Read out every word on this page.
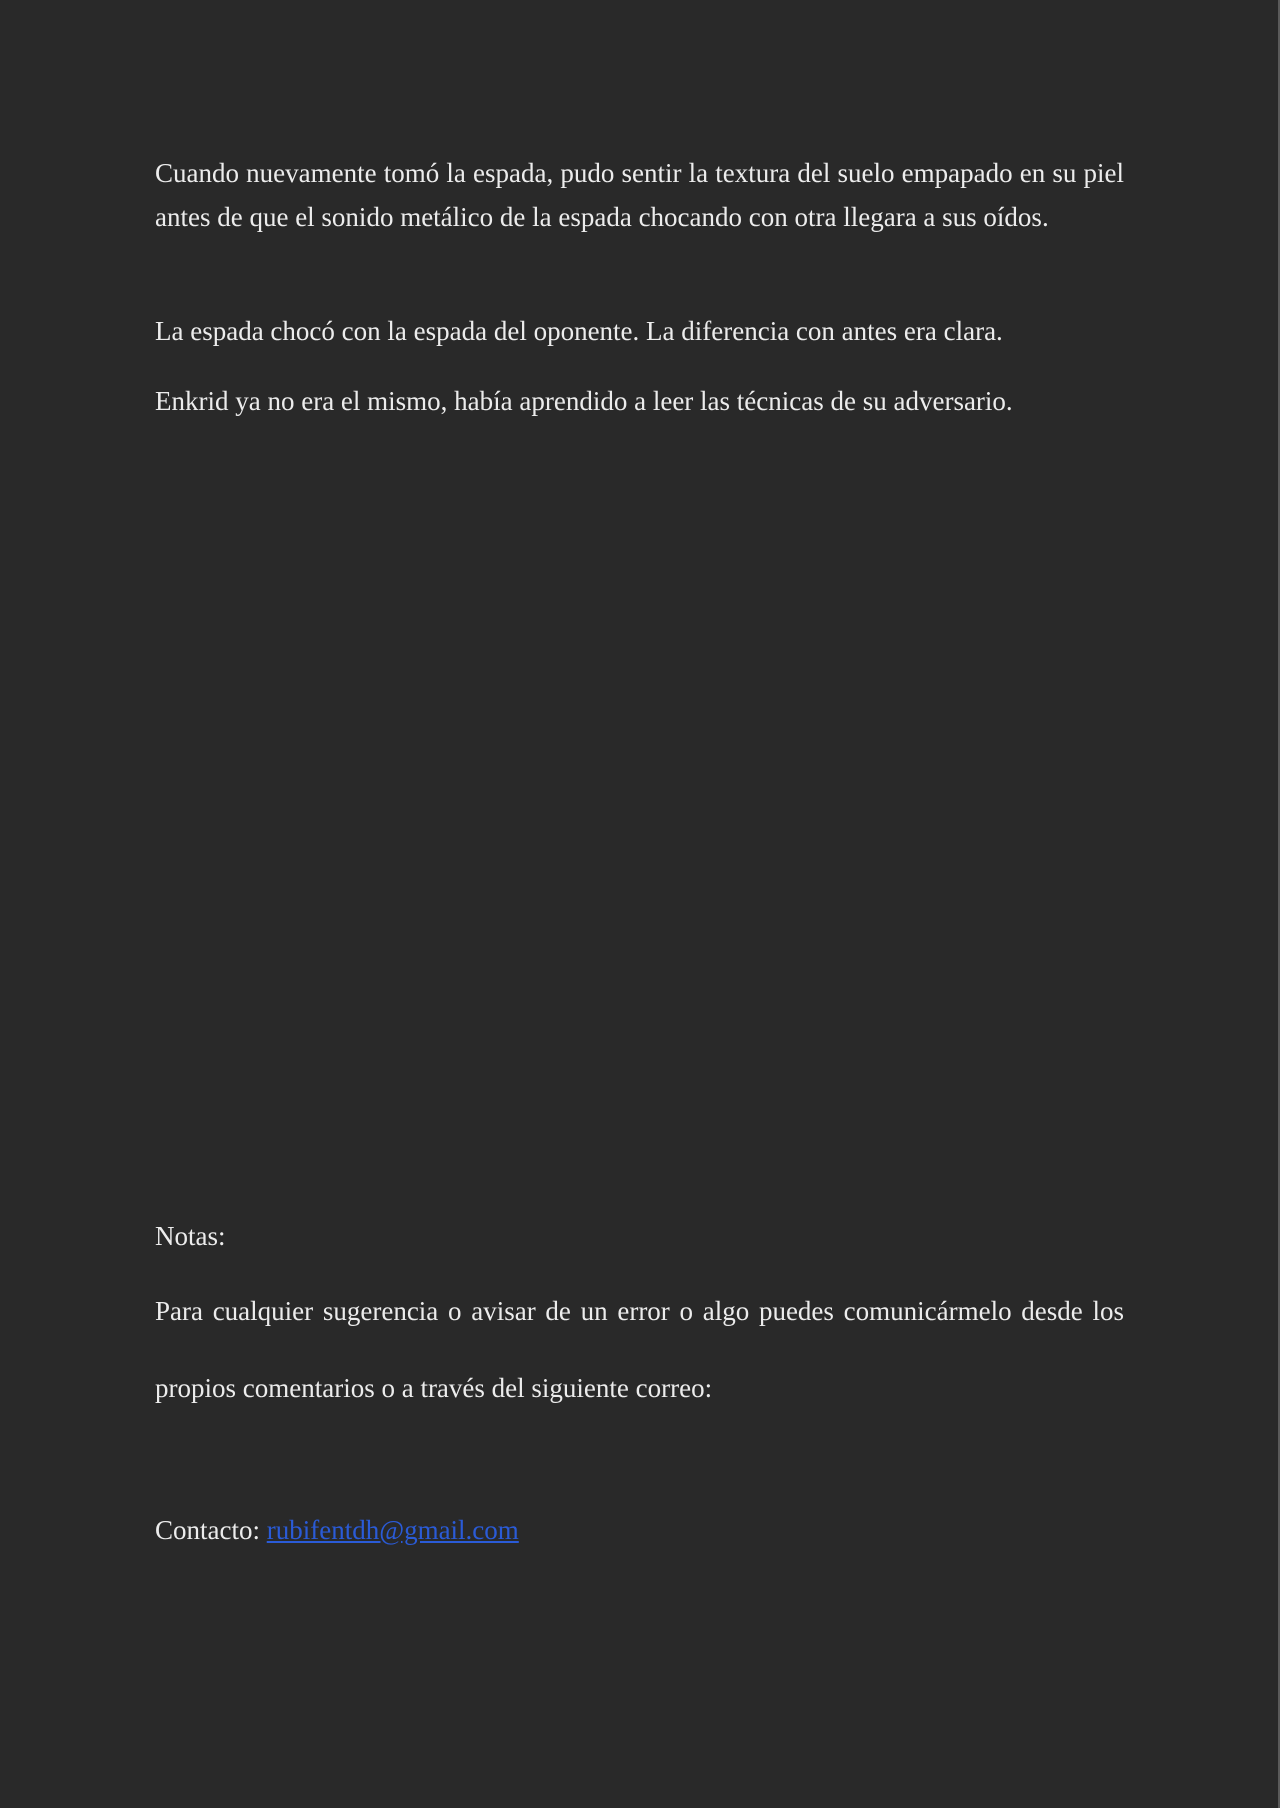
Cuando nuevamente tomó la espada, pudo sentir la textura del suelo empapado en su piel antes de que el sonido metálico de la espada chocando con otra llegara a sus oídos.

La espada chocó con la espada del oponente. La diferencia con antes era clara.

Enkrid ya no era el mismo, había aprendido a leer las técnicas de su adversario.

Notas:

Para cualquier sugerencia o avisar de un error o algo puedes comunicármelo desde los propios comentarios o a través del siguiente correo:

Contacto: rubifentdh@gmail.com
